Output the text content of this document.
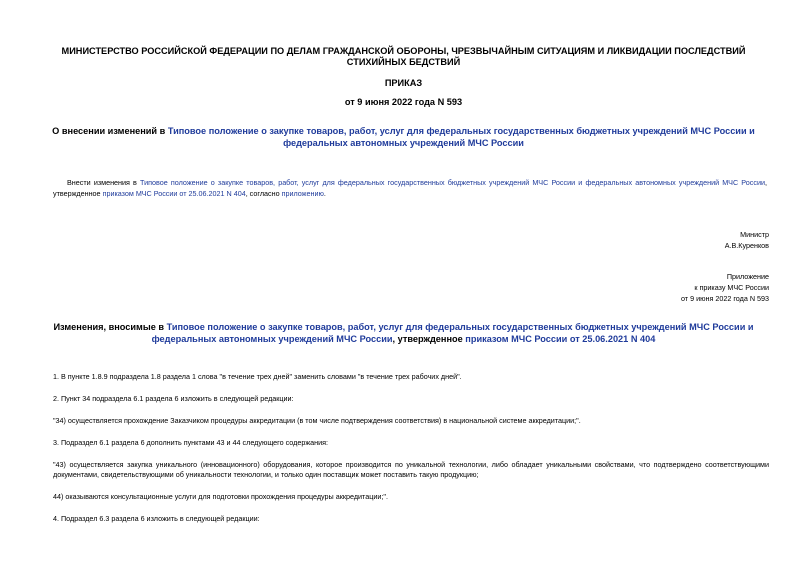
МИНИСТЕРСТВО РОССИЙСКОЙ ФЕДЕРАЦИИ ПО ДЕЛАМ ГРАЖДАНСКОЙ ОБОРОНЫ, ЧРЕЗВЫЧАЙНЫМ СИТУАЦИЯМ И ЛИКВИДАЦИИ ПОСЛЕДСТВИЙ СТИХИЙНЫХ БЕДСТВИЙ
ПРИКАЗ
от 9 июня 2022 года N 593
О внесении изменений в Типовое положение о закупке товаров, работ, услуг для федеральных государственных бюджетных учреждений МЧС России и федеральных автономных учреждений МЧС России
Внести изменения в Типовое положение о закупке товаров, работ, услуг для федеральных государственных бюджетных учреждений МЧС России и федеральных автономных учреждений МЧС России, утвержденное приказом МЧС России от 25.06.2021 N 404, согласно приложению.
Министр
А.В.Куренков
Приложение
к приказу МЧС России
от 9 июня 2022 года N 593
Изменения, вносимые в Типовое положение о закупке товаров, работ, услуг для федеральных государственных бюджетных учреждений МЧС России и федеральных автономных учреждений МЧС России, утвержденное приказом МЧС России от 25.06.2021 N 404

1. В пункте 1.8.9 подраздела 1.8 раздела 1 слова "в течение трех дней" заменить словами "в течение трех рабочих дней".

2. Пункт 34 подраздела 6.1 раздела 6 изложить в следующей редакции:

"34) осуществляется прохождение Заказчиком процедуры аккредитации (в том числе подтверждения соответствия) в национальной системе аккредитации;".

3. Подраздел 6.1 раздела 6 дополнить пунктами 43 и 44 следующего содержания:

"43) осуществляется закупка уникального (инновационного) оборудования, которое производится по уникальной технологии, либо обладает уникальными свойствами, что подтверждено соответствующими документами, свидетельствующими об уникальности технологии, и только один поставщик может поставить такую продукцию;

44) оказываются консультационные услуги для подготовки прохождения процедуры аккредитации;".

4. Подраздел 6.3 раздела 6 изложить в следующей редакции:
